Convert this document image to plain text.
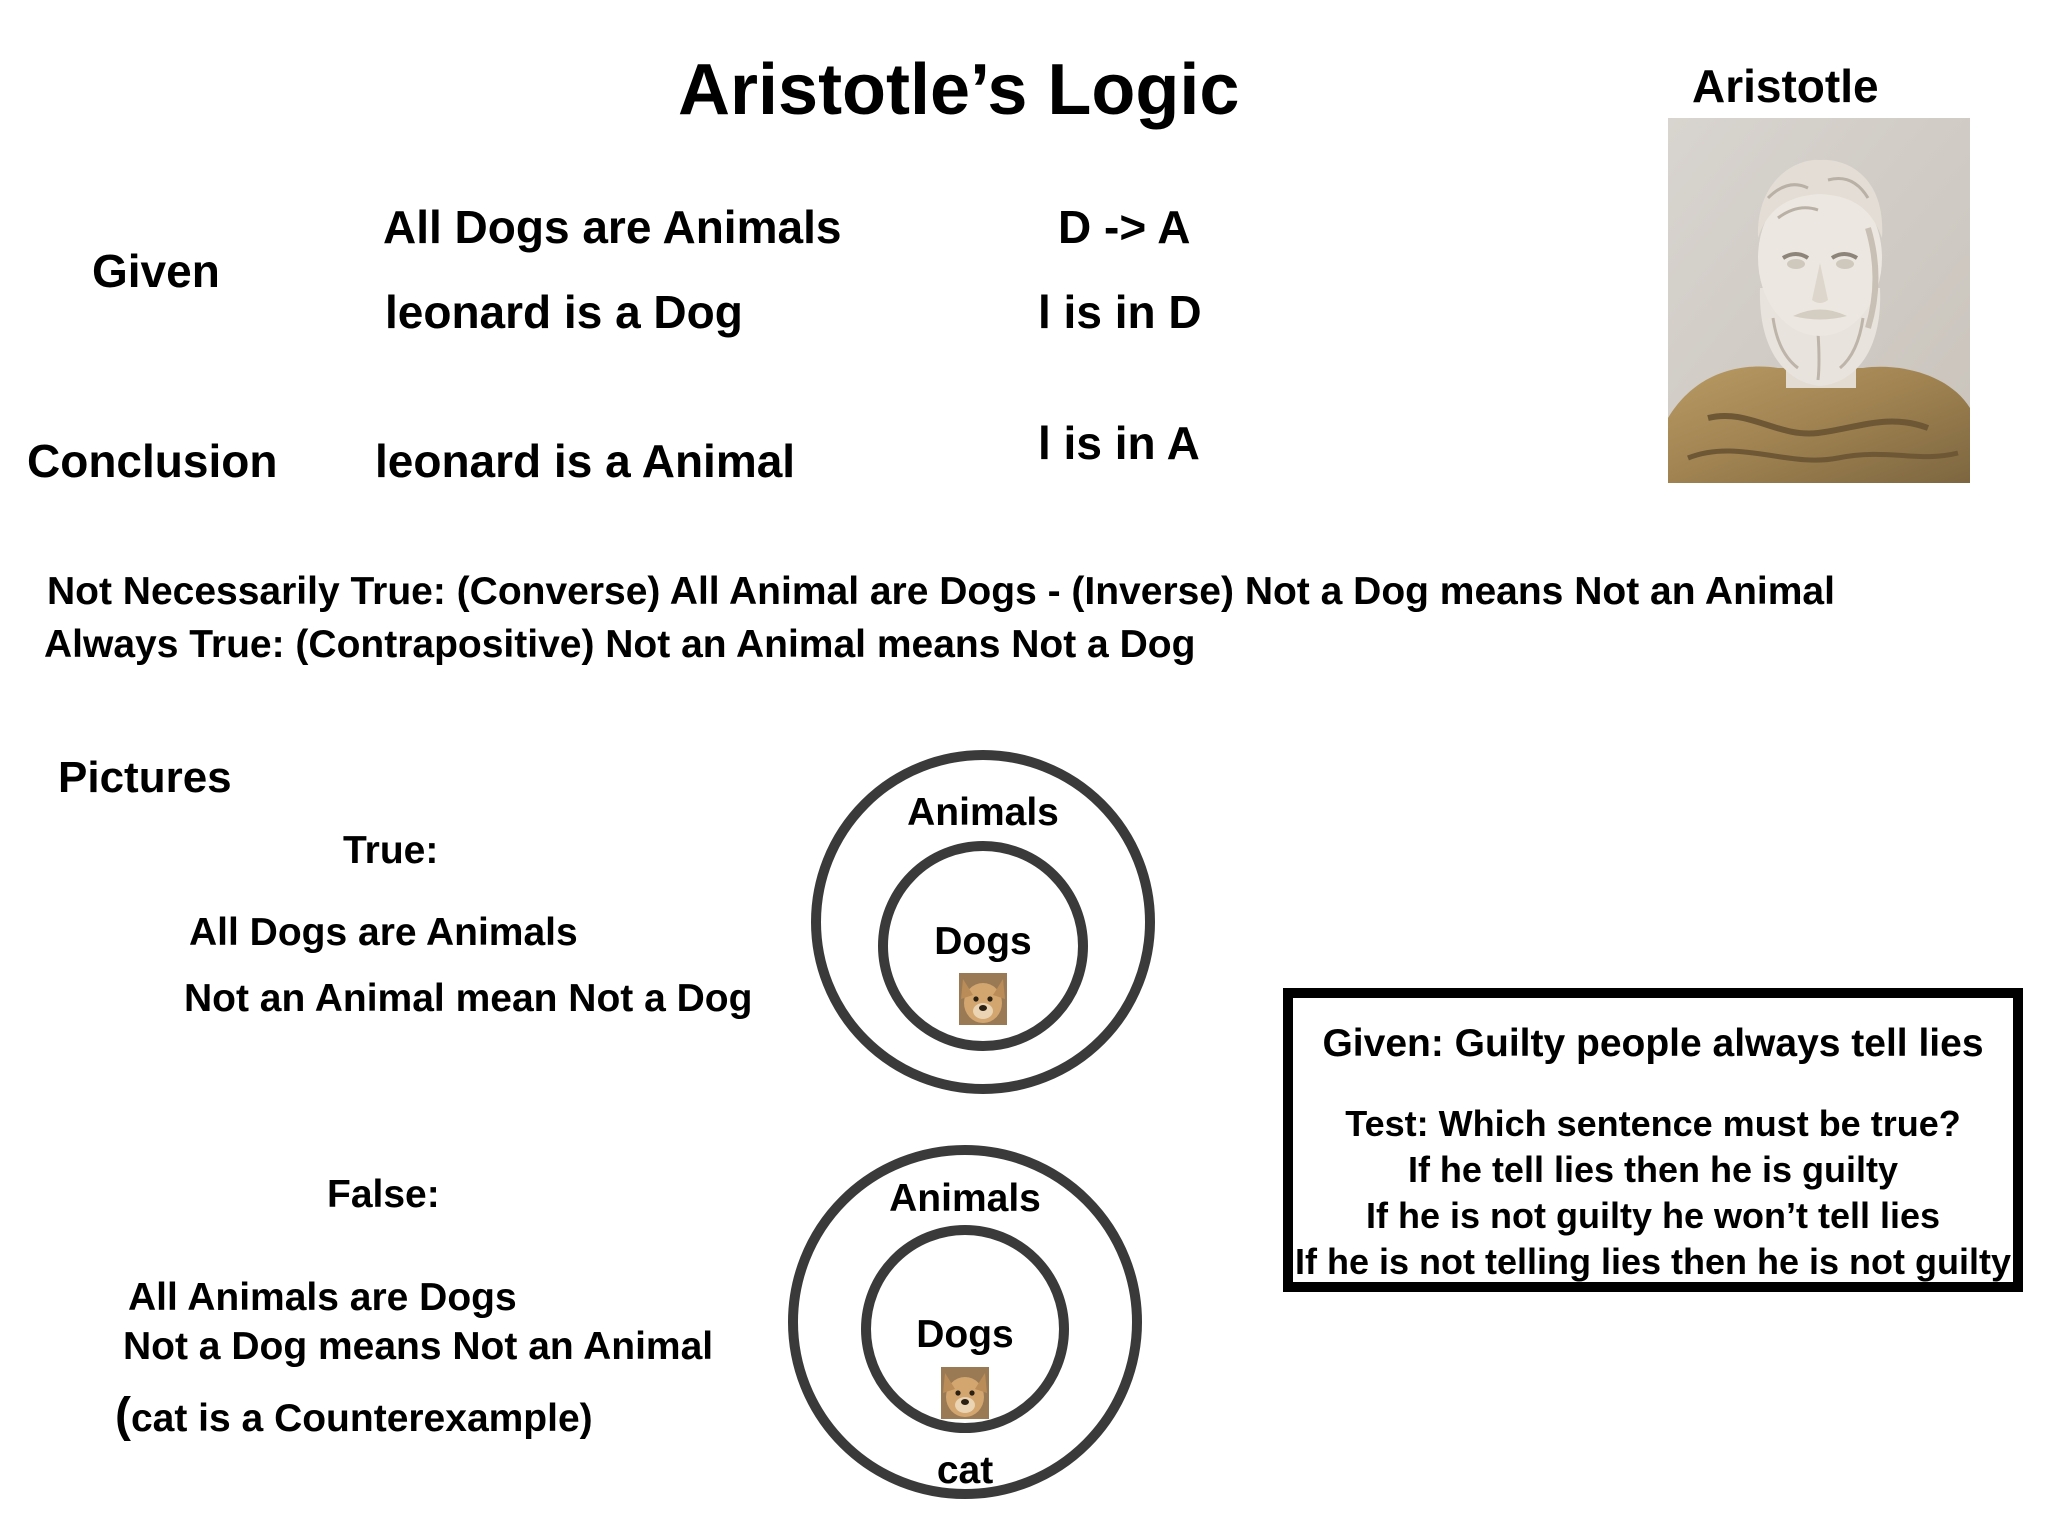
Aristotle’s Logic
Given
All Dogs are Animals
leonard is a Dog
D -> A
l is in D
Conclusion leonard is a Animal	l is in A
Aristotle
Not Necessarily True: (Converse) All Animal are Dogs - (Inverse) Not a Dog means Not an Animal
Always True: (Contrapositive) Not an Animal means Not a Dog
Pictures
True:
All Dogs are Animals
Not an Animal mean Not a Dog
False:
All Animals are Dogs
Not a Dog means Not an Animal
(cat is a Counterexample)
Animals
Dogs
Animals
Dogs
cat
Given: Guilty people always tell lies
Test: Which sentence must be true?
If he tell lies then he is guilty
If he is not guilty he won’t tell lies
If he is not telling lies then he is not guilty
